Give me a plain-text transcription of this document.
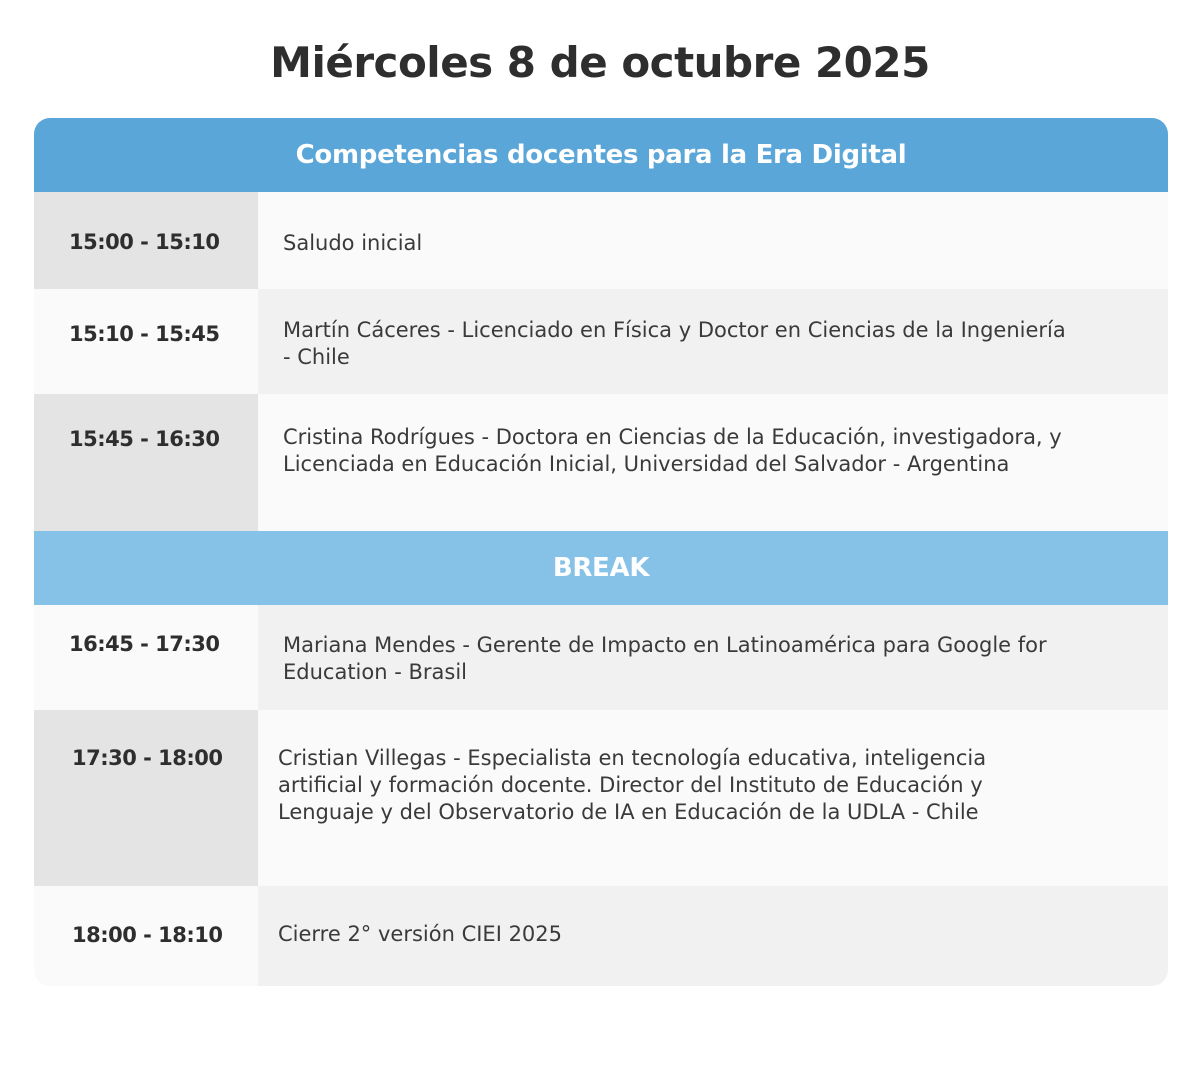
Miércoles 8 de octubre 2025
Competencias docentes para la Era Digital
15:00 - 15:10	Saludo inicial
15:10 - 15:45	Martín Cáceres - Licenciado en Física y Doctor en Ciencias de la Ingeniería - Chile
15:45 - 16:30	Cristina Rodrígues - Doctora en Ciencias de la Educación, investigadora, y Licenciada en Educación Inicial, Universidad del Salvador - Argentina
BREAK
16:45 - 17:30	Mariana Mendes - Gerente de Impacto en Latinoamérica para Google for Education - Brasil
17:30 - 18:00	Cristian Villegas - Especialista en tecnología educativa, inteligencia artificial y formación docente. Director del Instituto de Educación y Lenguaje y del Observatorio de IA en Educación de la UDLA - Chile
18:00 - 18:10	Cierre 2° versión CIEI 2025
